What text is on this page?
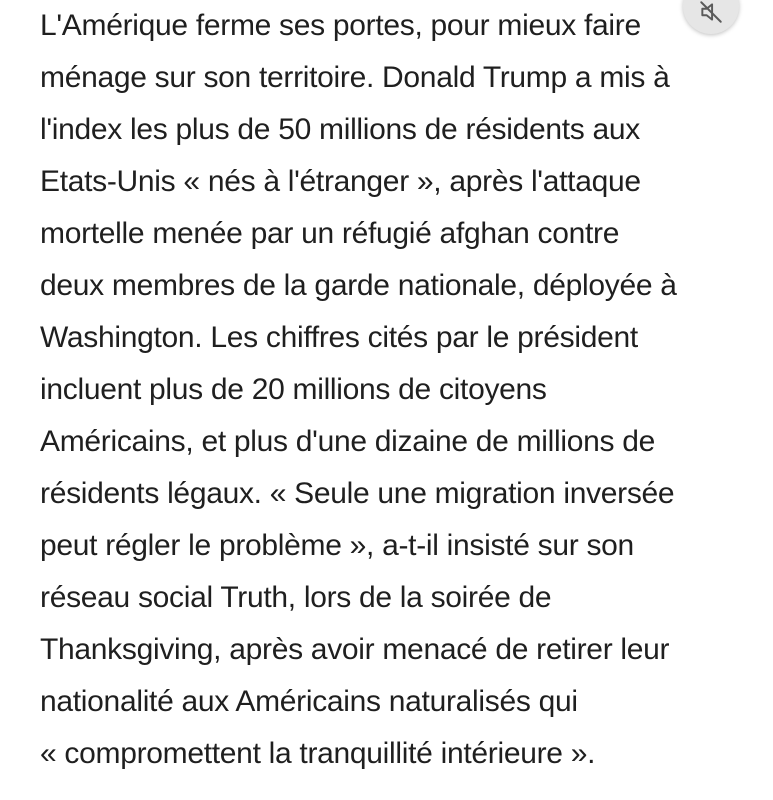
L'Amérique ferme ses portes, pour mieux faire
ménage sur son territoire. Donald Trump a mis à
l'index les plus de 50 millions de résidents aux
Etats-Unis « nés à l'étranger », après l'attaque
mortelle menée par un réfugié afghan contre
deux membres de la garde nationale, déployée à
Washington. Les chiffres cités par le président
incluent plus de 20 millions de citoyens
Américains, et plus d'une dizaine de millions de
résidents légaux. « Seule une migration inversée
peut régler le problème », a-t-il insisté sur son
réseau social Truth, lors de la soirée de
Thanksgiving, après avoir menacé de retirer leur
nationalité aux Américains naturalisés qui
« compromettent la tranquillité intérieure ».
